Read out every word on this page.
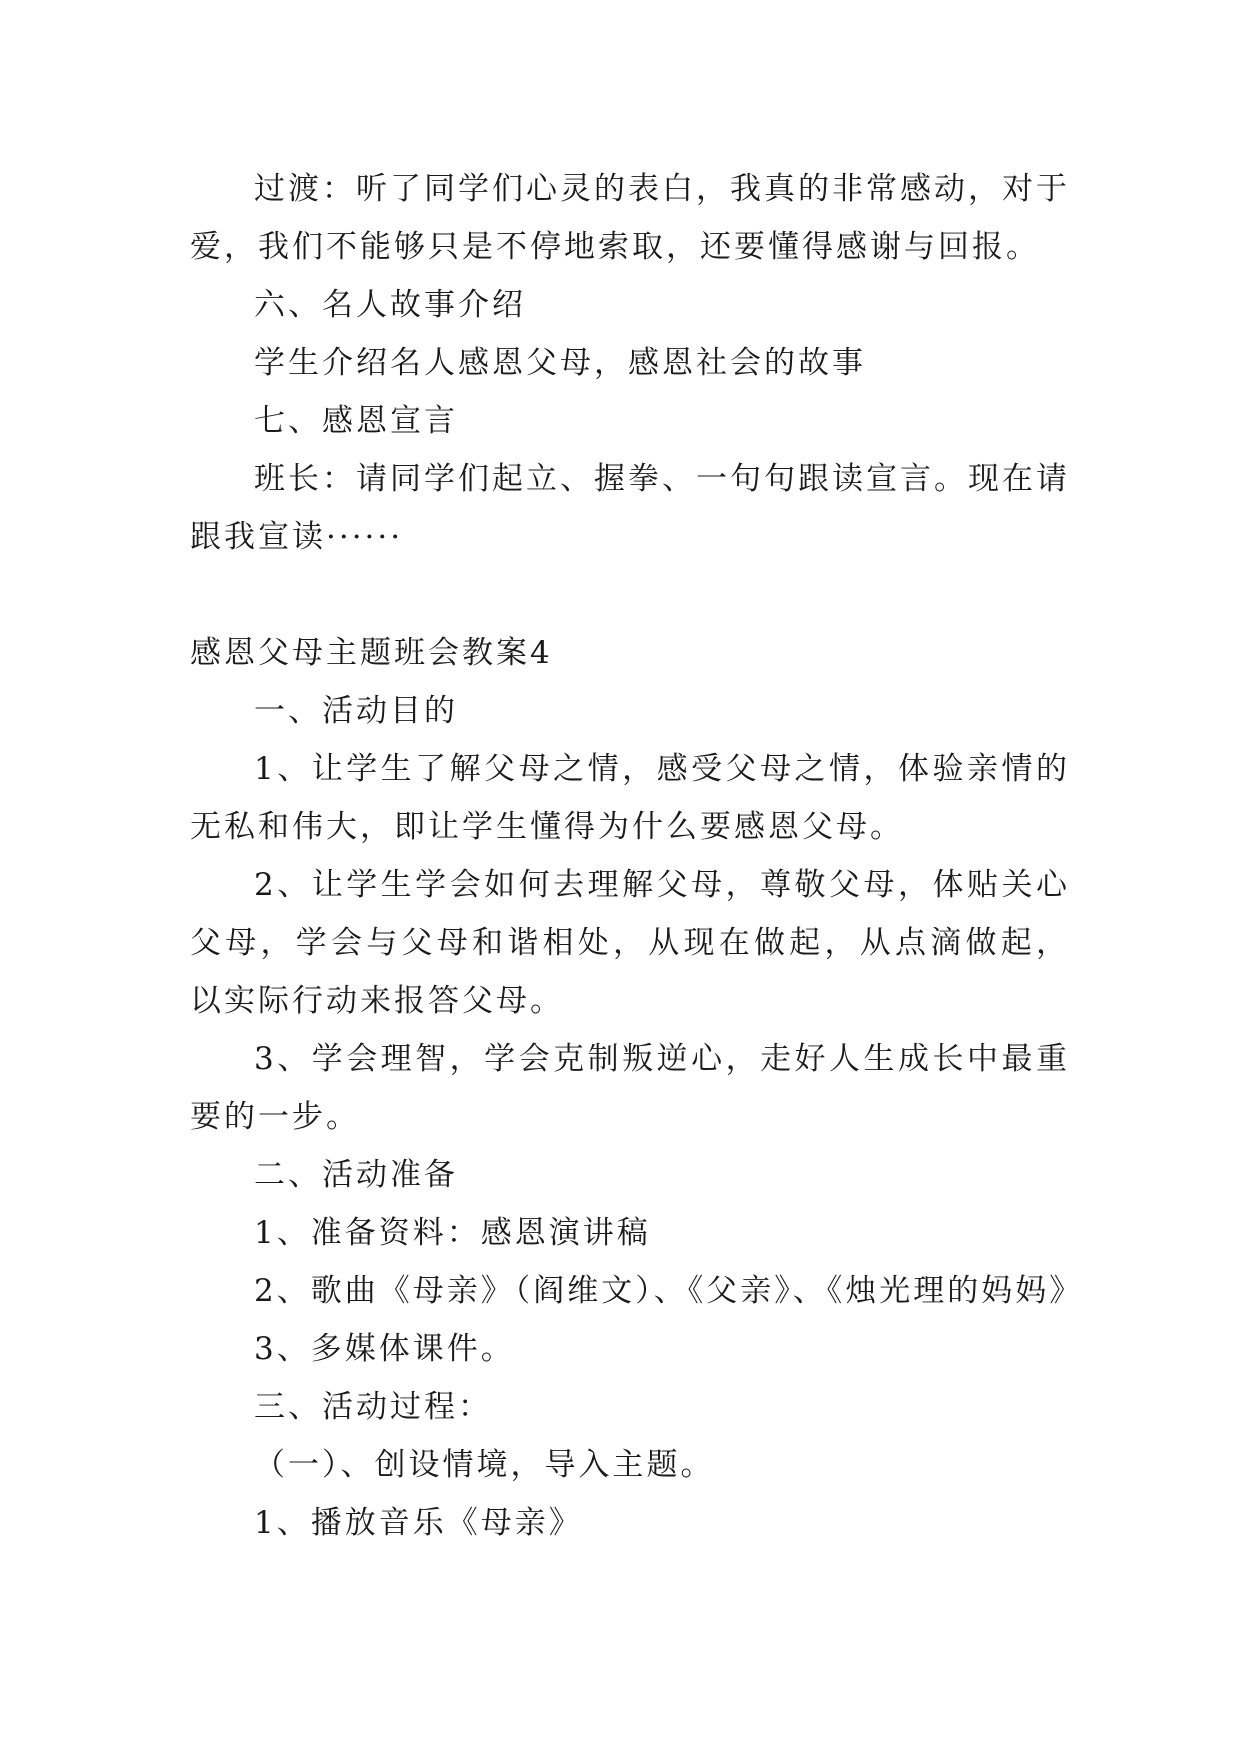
过渡：听了同学们心灵的表白，我真的非常感动，对于爱，我们不能够只是不停地索取，还要懂得感谢与回报。

六、名人故事介绍

学生介绍名人感恩父母，感恩社会的故事

七、感恩宣言

班长：请同学们起立、握拳、一句句跟读宣言。现在请跟我宣读······

感恩父母主题班会教案4

一、活动目的

1、让学生了解父母之情，感受父母之情，体验亲情的无私和伟大，即让学生懂得为什么要感恩父母。

2、让学生学会如何去理解父母，尊敬父母，体贴关心父母，学会与父母和谐相处，从现在做起，从点滴做起，以实际行动来报答父母。

3、学会理智，学会克制叛逆心，走好人生成长中最重要的一步。

二、活动准备

1、准备资料：感恩演讲稿

2、歌曲《母亲》（阎维文）、《父亲》、《烛光理的妈妈》

3、多媒体课件。

三、活动过程：

（一）、创设情境，导入主题。

1、播放音乐《母亲》
